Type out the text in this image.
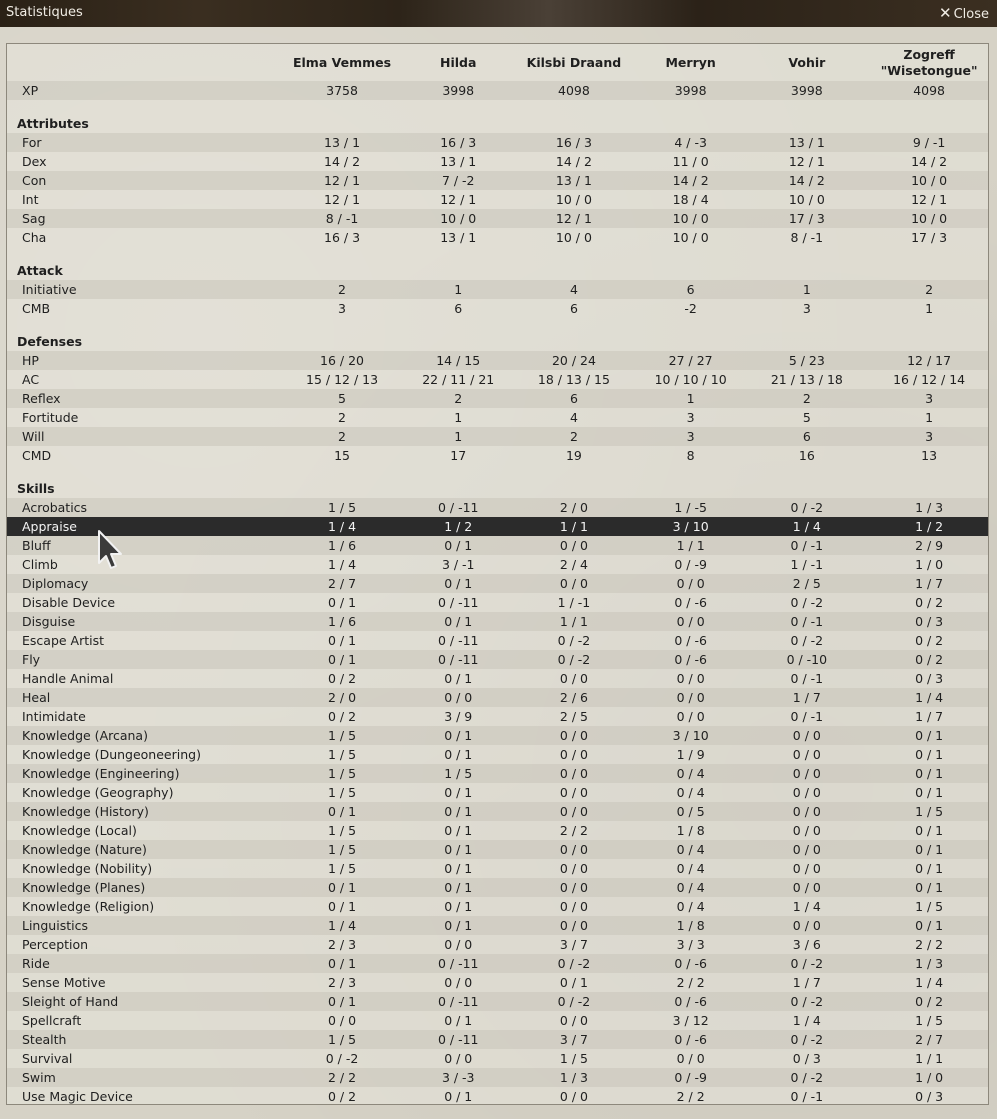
Statistiques	✕ Close
	Elma Vemmes	Hilda	Kilsbi Draand	Merryn	Vohir	Zogreff
"Wisetongue"
XP	3758	3998	4098	3998	3998	4098

Attributes						
For	13 / 1	16 / 3	16 / 3	4 / -3	13 / 1	9 / -1
Dex	14 / 2	13 / 1	14 / 2	11 / 0	12 / 1	14 / 2
Con	12 / 1	7 / -2	13 / 1	14 / 2	14 / 2	10 / 0
Int	12 / 1	12 / 1	10 / 0	18 / 4	10 / 0	12 / 1
Sag	8 / -1	10 / 0	12 / 1	10 / 0	17 / 3	10 / 0
Cha	16 / 3	13 / 1	10 / 0	10 / 0	8 / -1	17 / 3

Attack						
Initiative	2	1	4	6	1	2
CMB	3	6	6	-2	3	1

Defenses						
HP	16 / 20	14 / 15	20 / 24	27 / 27	5 / 23	12 / 17
AC	15 / 12 / 13	22 / 11 / 21	18 / 13 / 15	10 / 10 / 10	21 / 13 / 18	16 / 12 / 14
Reflex	5	2	6	1	2	3
Fortitude	2	1	4	3	5	1
Will	2	1	2	3	6	3
CMD	15	17	19	8	16	13

Skills						
Acrobatics	1 / 5	0 / -11	2 / 0	1 / -5	0 / -2	1 / 3
Appraise	1 / 4	1 / 2	1 / 1	3 / 10	1 / 4	1 / 2
Bluff	1 / 6	0 / 1	0 / 0	1 / 1	0 / -1	2 / 9
Climb	1 / 4	3 / -1	2 / 4	0 / -9	1 / -1	1 / 0
Diplomacy	2 / 7	0 / 1	0 / 0	0 / 0	2 / 5	1 / 7
Disable Device	0 / 1	0 / -11	1 / -1	0 / -6	0 / -2	0 / 2
Disguise	1 / 6	0 / 1	1 / 1	0 / 0	0 / -1	0 / 3
Escape Artist	0 / 1	0 / -11	0 / -2	0 / -6	0 / -2	0 / 2
Fly	0 / 1	0 / -11	0 / -2	0 / -6	0 / -10	0 / 2
Handle Animal	0 / 2	0 / 1	0 / 0	0 / 0	0 / -1	0 / 3
Heal	2 / 0	0 / 0	2 / 6	0 / 0	1 / 7	1 / 4
Intimidate	0 / 2	3 / 9	2 / 5	0 / 0	0 / -1	1 / 7
Knowledge (Arcana)	1 / 5	0 / 1	0 / 0	3 / 10	0 / 0	0 / 1
Knowledge (Dungeoneering)	1 / 5	0 / 1	0 / 0	1 / 9	0 / 0	0 / 1
Knowledge (Engineering)	1 / 5	1 / 5	0 / 0	0 / 4	0 / 0	0 / 1
Knowledge (Geography)	1 / 5	0 / 1	0 / 0	0 / 4	0 / 0	0 / 1
Knowledge (History)	0 / 1	0 / 1	0 / 0	0 / 5	0 / 0	1 / 5
Knowledge (Local)	1 / 5	0 / 1	2 / 2	1 / 8	0 / 0	0 / 1
Knowledge (Nature)	1 / 5	0 / 1	0 / 0	0 / 4	0 / 0	0 / 1
Knowledge (Nobility)	1 / 5	0 / 1	0 / 0	0 / 4	0 / 0	0 / 1
Knowledge (Planes)	0 / 1	0 / 1	0 / 0	0 / 4	0 / 0	0 / 1
Knowledge (Religion)	0 / 1	0 / 1	0 / 0	0 / 4	1 / 4	1 / 5
Linguistics	1 / 4	0 / 1	0 / 0	1 / 8	0 / 0	0 / 1
Perception	2 / 3	0 / 0	3 / 7	3 / 3	3 / 6	2 / 2
Ride	0 / 1	0 / -11	0 / -2	0 / -6	0 / -2	1 / 3
Sense Motive	2 / 3	0 / 0	0 / 1	2 / 2	1 / 7	1 / 4
Sleight of Hand	0 / 1	0 / -11	0 / -2	0 / -6	0 / -2	0 / 2
Spellcraft	0 / 0	0 / 1	0 / 0	3 / 12	1 / 4	1 / 5
Stealth	1 / 5	0 / -11	3 / 7	0 / -6	0 / -2	2 / 7
Survival	0 / -2	0 / 0	1 / 5	0 / 0	0 / 3	1 / 1
Swim	2 / 2	3 / -3	1 / 3	0 / -9	0 / -2	1 / 0
Use Magic Device	0 / 2	0 / 1	0 / 0	2 / 2	0 / -1	0 / 3
